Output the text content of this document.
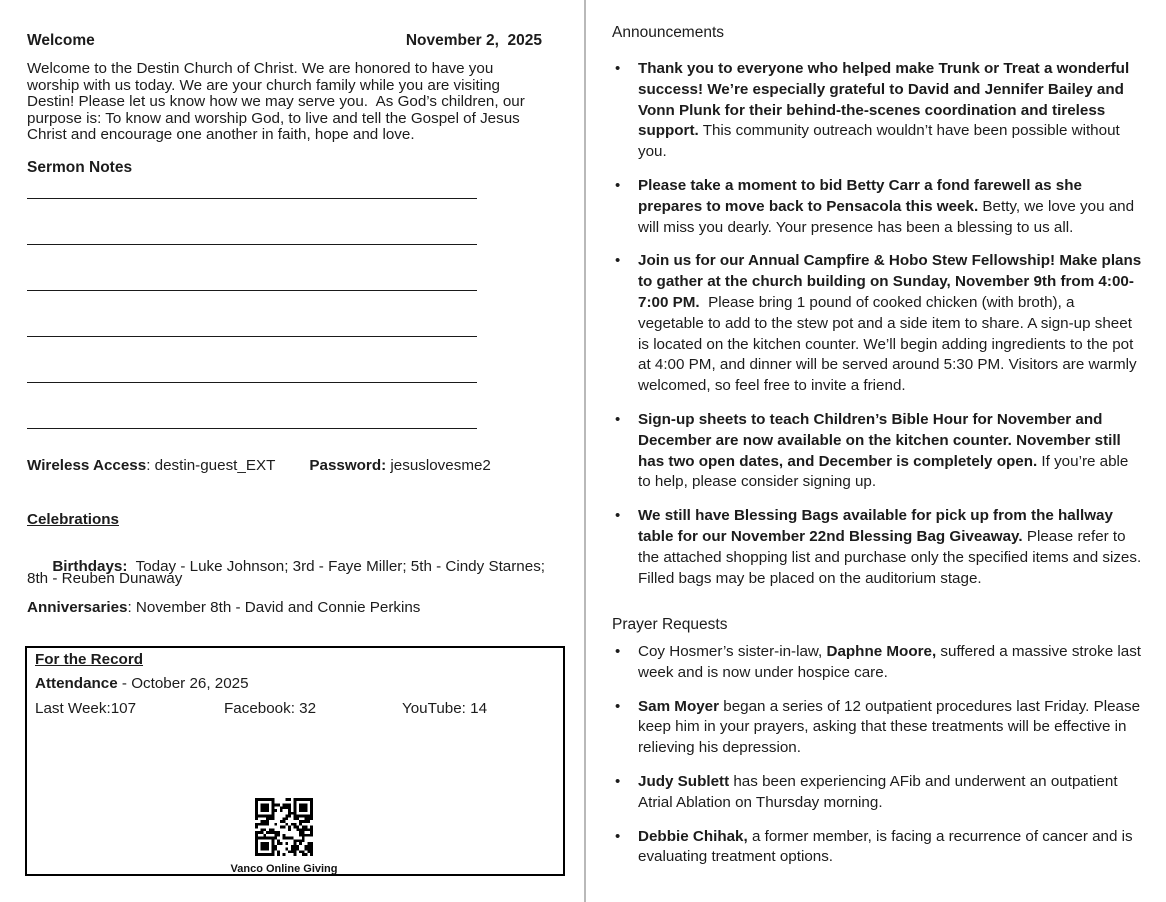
Welcome	November 2,  2025

Welcome to the Destin Church of Christ. We are honored to have you worship with us today. We are your church family while you are visiting Destin! Please let us know how we may serve you.  As God’s children, our purpose is: To know and worship God, to live and tell the Gospel of Jesus Christ and encourage one another in faith, hope and love.

Sermon Notes
Wireless Access: destin-guest_EXT Password: jesuslovesme2
Celebrations

Birthdays:  Today - Luke Johnson; 3rd - Faye Miller; 5th - Cindy Starnes;

8th - Reuben Dunaway
Anniversaries: November 8th - David and Connie Perkins
For the Record
Attendance - October 26, 2025
Last Week:107	Facebook: 32	YouTube: 14
Vanco Online Giving
Announcements
• Thank you to everyone who helped make Trunk or Treat a wonderful success! We’re especially grateful to David and Jennifer Bailey and Vonn Plunk for their behind-the-scenes coordination and tireless support. This community outreach wouldn’t have been possible without you.
• Please take a moment to bid Betty Carr a fond farewell as she prepares to move back to Pensacola this week. Betty, we love you and will miss you dearly. Your presence has been a blessing to us all.
• Join us for our Annual Campfire & Hobo Stew Fellowship! Make plans to gather at the church building on Sunday, November 9th from 4:00-7:00 PM.  Please bring 1 pound of cooked chicken (with broth), a vegetable to add to the stew pot and a side item to share. A sign-up sheet is located on the kitchen counter. We’ll begin adding ingredients to the pot at 4:00 PM, and dinner will be served around 5:30 PM. Visitors are warmly welcomed, so feel free to invite a friend.
• Sign-up sheets to teach Children’s Bible Hour for November and December are now available on the kitchen counter. November still has two open dates, and December is completely open. If you’re able to help, please consider signing up.
• We still have Blessing Bags available for pick up from the hallway table for our November 22nd Blessing Bag Giveaway. Please refer to the attached shopping list and purchase only the specified items and sizes. Filled bags may be placed on the auditorium stage.
Prayer Requests
• Coy Hosmer’s sister-in-law, Daphne Moore, suffered a massive stroke last week and is now under hospice care.
• Sam Moyer began a series of 12 outpatient procedures last Friday. Please keep him in your prayers, asking that these treatments will be effective in relieving his depression.
• Judy Sublett has been experiencing AFib and underwent an outpatient Atrial Ablation on Thursday morning.
• Debbie Chihak, a former member, is facing a recurrence of cancer and is evaluating treatment options.
